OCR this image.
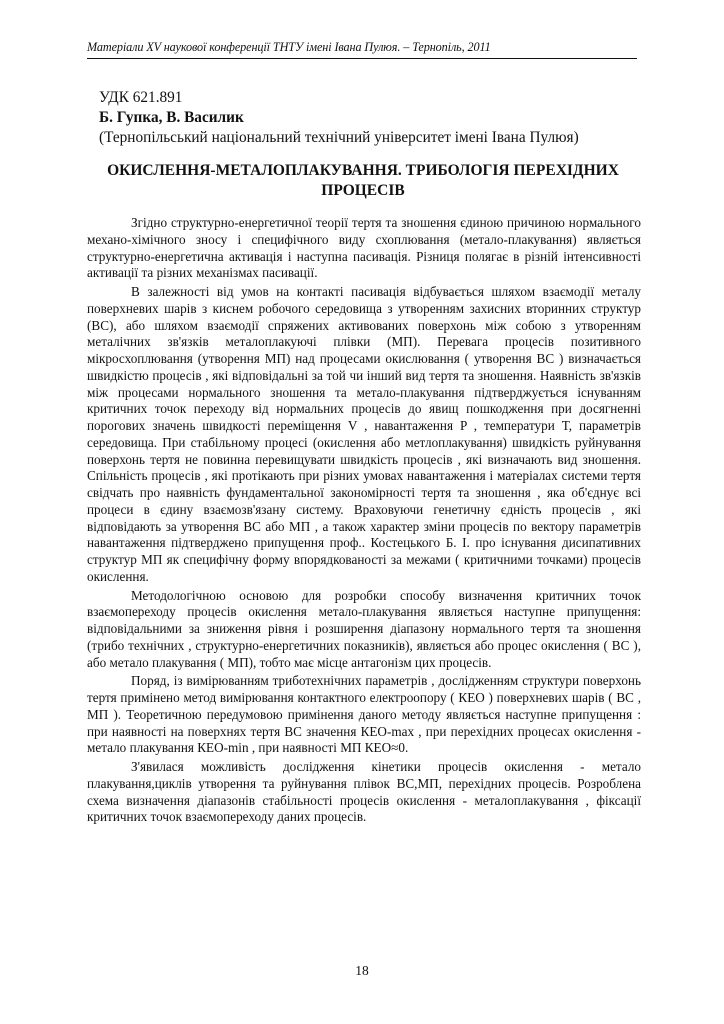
Матеріали XV наукової конференції ТНТУ імені Івана Пулюя. – Тернопіль, 2011
УДК 621.891
Б. Гупка, В. Василик
(Тернопільський національний технічний університет імені Івана Пулюя)
ОКИСЛЕННЯ-МЕТАЛОПЛАКУВАННЯ. ТРИБОЛОГІЯ ПЕРЕХІДНИХ ПРОЦЕСІВ

Згідно структурно-енергетичної теорії тертя та зношення єдиною причиною нормального механо-хімічного зносу і специфічного виду схоплювання (метало-плакування) являється структурно-енергетична активація і наступна пасивація. Різниця полягає в різній інтенсивності активації та різних механізмах пасивації.

В залежності від умов на контакті пасивація відбувається шляхом взаємодії металу поверхневих шарів з киснем робочого середовища з утворенням захисних вторинних структур (ВС), або шляхом взаємодії спряжених активованих поверхонь між собою з утворенням металічних зв'язків металоплакуючі плівки (МП). Перевага процесів позитивного мікросхоплювання (утворення МП) над процесами окислювання ( утворення ВС ) визначається швидкістю процесів , які відповідальні за той чи інший вид тертя та зношення. Наявність зв'язків між процесами нормального зношення та метало-плакування підтверджується існуванням критичних точок переходу від нормальних процесів до явищ пошкодження при досягненні порогових значень швидкості переміщення V , навантаження P , температури T, параметрів середовища. При стабільному процесі (окислення або метлоплакування) швидкість руйнування поверхонь тертя не повинна перевищувати швидкість процесів , які визначають вид зношення. Спільність процесів , які протікають при різних умовах навантаження і матеріалах системи тертя свідчать про наявність фундаментальної закономірності тертя та зношення , яка об'єднує всі процеси в єдину взаємозв'язану систему. Враховуючи генетичну єдність процесів , які відповідають за утворення ВС або МП , а також характер зміни процесів по вектору параметрів навантаження підтверджено припущення проф.. Костецького Б. І. про існування дисипативних структур МП як специфічну форму впорядкованості за межами ( критичними точками) процесів окислення.

Методологічною основою для розробки способу визначення критичних точок взаємопереходу процесів окислення метало-плакування являється наступне припущення: відповідальними за зниження рівня і розширення діапазону нормального тертя та зношення (трибо технічних , структурно-енергетичних показників), являється або процес окислення ( ВС ), або метало плакування ( МП), тобто має місце антагонізм цих процесів.

Поряд, із вимірюванням триботехнічних параметрів , дослідженням структури поверхонь тертя примінено метод вимірювання контактного електроопору ( КЕО ) поверхневих шарів ( ВС , МП ). Теоретичною передумовою примінення даного методу являється наступне припущення : при наявності на поверхнях тертя ВС значення КЕО-max , при перехідних процесах окислення - метало плакування КЕО-min , при наявності МП КЕО≈0.

З'явилася можливість дослідження кінетики процесів окислення - метало плакування,циклів утворення та руйнування плівок ВС,МП, перехідних процесів. Розроблена схема визначення діапазонів стабільності процесів окислення - металоплакування , фіксації критичних точок взаємопереходу даних процесів.

18
